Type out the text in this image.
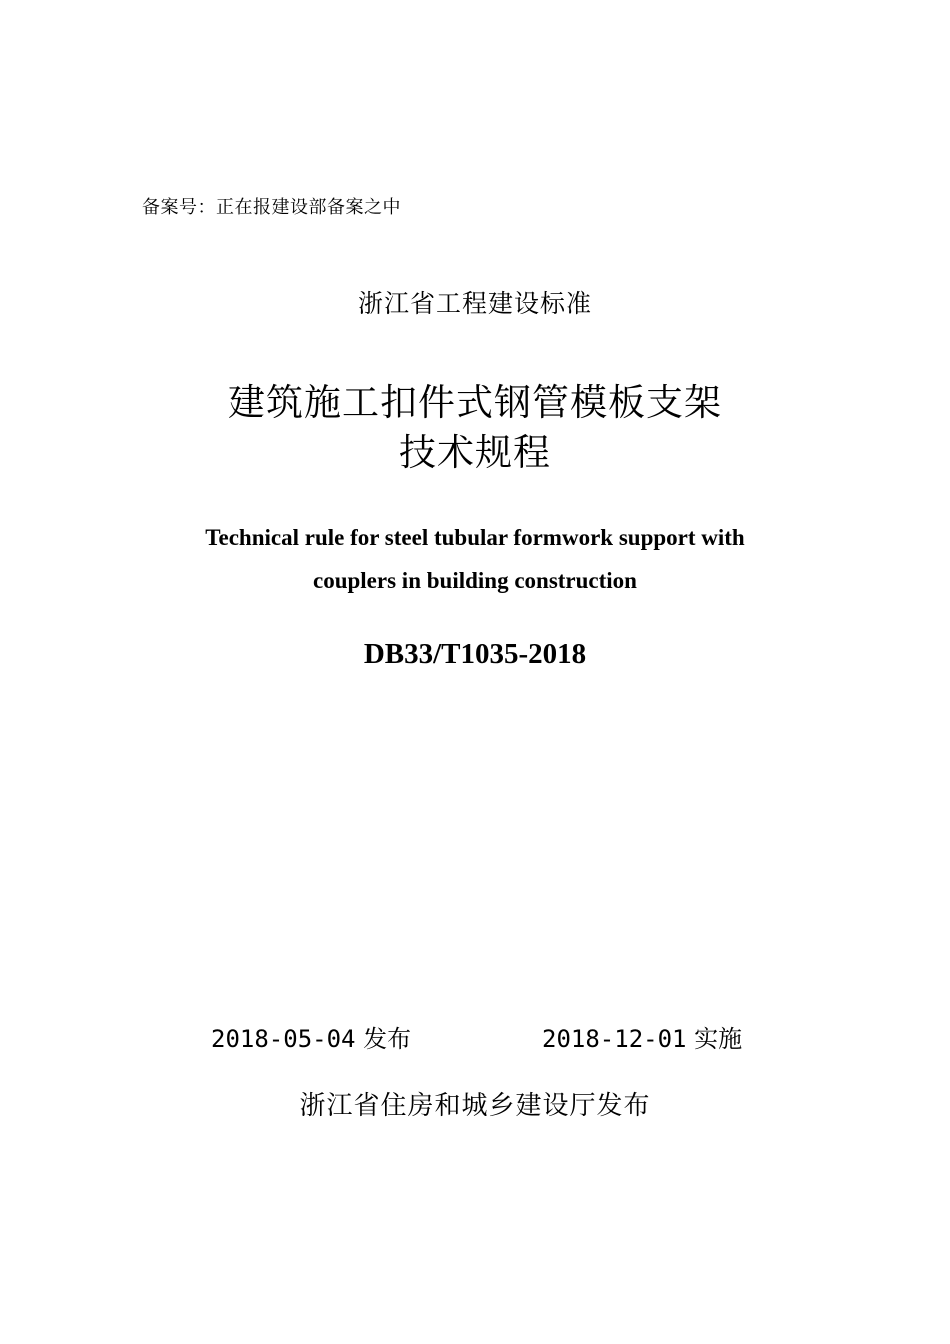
备案号：正在报建设部备案之中
浙江省工程建设标准
建筑施工扣件式钢管模板支架
技术规程
Technical rule for steel tubular formwork support with
couplers in building construction
DB33/T1035-2018
2018-05-04 发布	2018-12-01 实施
浙江省住房和城乡建设厅发布
